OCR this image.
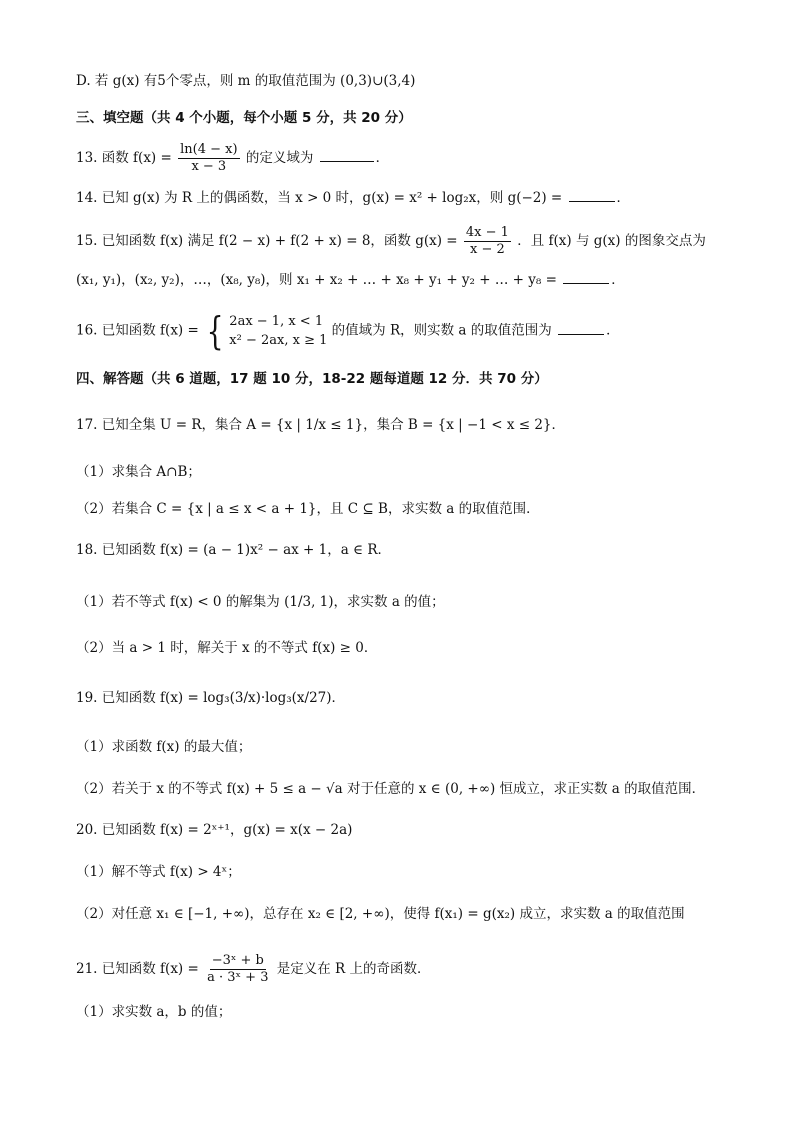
D. 若 g(x) 有5个零点，则 m 的取值范围为 (0,3)∪(3,4)
三、填空题（共 4 个小题，每个小题 5 分，共 20 分）
13. 函数 $f(x) = \frac{\ln(4 - x)}{x - 3}$ 的定义域为	．
14. 已知 g(x) 为 R 上的偶函数，当 x > 0 时，g(x) = x² + log₂x，则 g(−2) =	．
15. 已知函数 f(x) 满足 f(2 − x) + f(2 + x) = 8，函数 $g(x) = \frac{4x - 1}{x - 2}$ ．且 f(x) 与 g(x) 的图象交点为
(x₁, y₁)，(x₂, y₂)，…，(x₈, y₈)，则 x₁ + x₂ + … + x₈ + y₁ + y₂ + … + y₈ =	．
16. 已知函数 f(x) = { 2ax − 1, x < 1
x² − 2ax, x ≥ 1
的值域为 R，则实数 a 的取值范围为	．
四、解答题（共 6 道题，17 题 10 分，18-22 题每道题 12 分．共 70 分）
17. 已知全集 U = R，集合 A = {x | 1/x ≤ 1}，集合 B = {x | −1 < x ≤ 2}．
（1）求集合 A∩B；
（2）若集合 C = {x | a ≤ x < a + 1}，且 C ⊆ B，求实数 a 的取值范围．
18. 已知函数 f(x) = (a − 1)x² − ax + 1，a ∈ R．
（1）若不等式 f(x) < 0 的解集为 (1/3, 1)，求实数 a 的值；
（2）当 a > 1 时，解关于 x 的不等式 f(x) ≥ 0．
19. 已知函数 f(x) = log₃(3/x)·log₃(x/27)．
（1）求函数 f(x) 的最大值；
（2）若关于 x 的不等式 f(x) + 5 ≤ a − √a 对于任意的 x ∈ (0, +∞) 恒成立，求正实数 a 的取值范围．
20. 已知函数 f(x) = 2ˣ⁺¹，g(x) = x(x − 2a)
（1）解不等式 f(x) > 4ˣ；
（2）对任意 x₁ ∈ [−1, +∞)，总存在 x₂ ∈ [2, +∞)，使得 f(x₁) = g(x₂) 成立，求实数 a 的取值范围
21. 已知函数 $f(x) = \frac{\text{−3ˣ + b}}{\text{a · 3ˣ + 3}}$ 是定义在 R 上的奇函数．
（1）求实数 a，b 的值；
